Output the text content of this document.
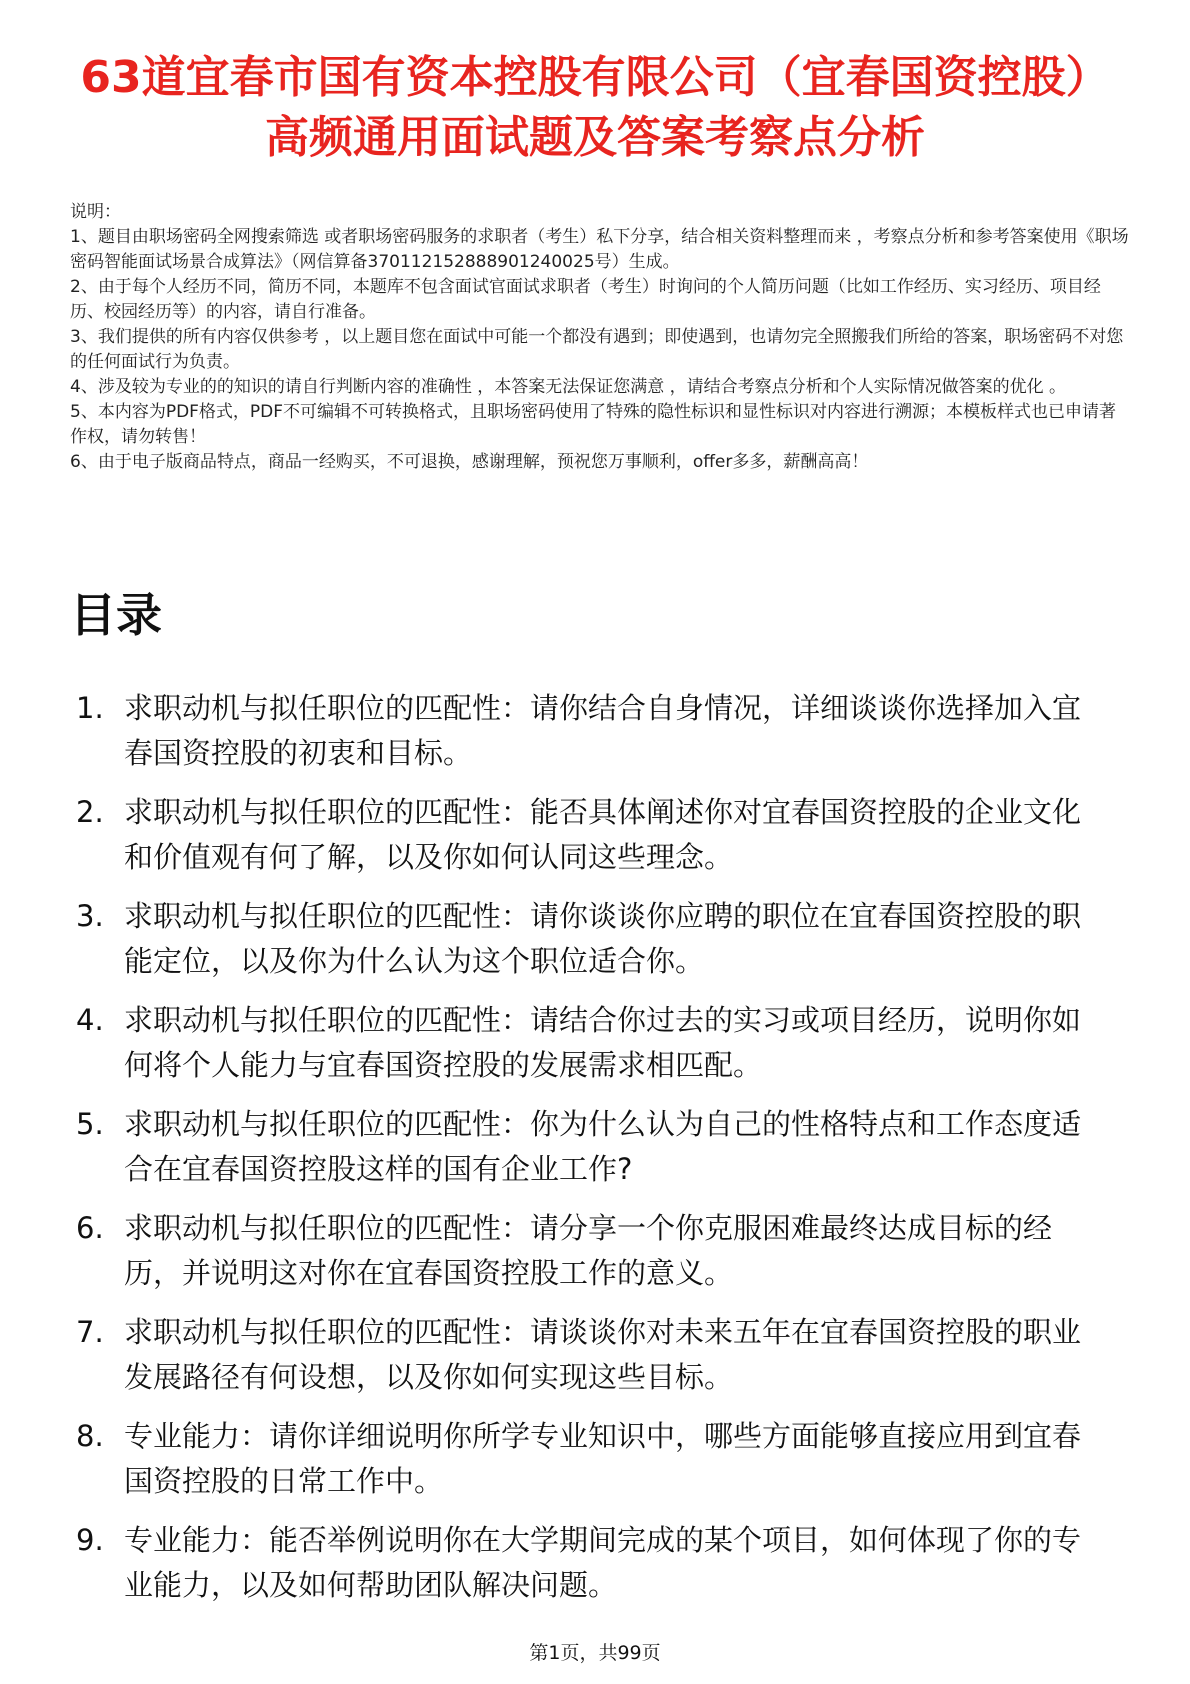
63道宜春市国有资本控股有限公司（宜春国资控股）高频通用面试题及答案考察点分析
说明：
1、题目由职场密码全网搜索筛选 或者职场密码服务的求职者（考生）私下分享，结合相关资料整理而来 ，考察点分析和参考答案使用《职场密码智能面试场景合成算法》（网信算备370112152888901240025号）生成。
2、由于每个人经历不同，简历不同，本题库不包含面试官面试求职者（考生）时询问的个人简历问题（比如工作经历、实习经历、项目经历、校园经历等）的内容，请自行准备。
3、我们提供的所有内容仅供参考 ，以上题目您在面试中可能一个都没有遇到；即使遇到，也请勿完全照搬我们所给的答案，职场密码不对您的任何面试行为负责。
4、涉及较为专业的的知识的请自行判断内容的准确性 ，本答案无法保证您满意 ，请结合考察点分析和个人实际情况做答案的优化 。
5、本内容为PDF格式，PDF不可编辑不可转换格式，且职场密码使用了特殊的隐性标识和显性标识对内容进行溯源；本模板样式也已申请著作权，请勿转售！
6、由于电子版商品特点，商品一经购买，不可退换，感谢理解，预祝您万事顺利，offer多多，薪酬高高！
目录
1. 求职动机与拟任职位的匹配性：请你结合自身情况，详细谈谈你选择加入宜春国资控股的初衷和目标。
2. 求职动机与拟任职位的匹配性：能否具体阐述你对宜春国资控股的企业文化和价值观有何了解，以及你如何认同这些理念。
3. 求职动机与拟任职位的匹配性：请你谈谈你应聘的职位在宜春国资控股的职能定位，以及你为什么认为这个职位适合你。
4. 求职动机与拟任职位的匹配性：请结合你过去的实习或项目经历，说明你如何将个人能力与宜春国资控股的发展需求相匹配。
5. 求职动机与拟任职位的匹配性：你为什么认为自己的性格特点和工作态度适合在宜春国资控股这样的国有企业工作?
6. 求职动机与拟任职位的匹配性：请分享一个你克服困难最终达成目标的经历，并说明这对你在宜春国资控股工作的意义。
7. 求职动机与拟任职位的匹配性：请谈谈你对未来五年在宜春国资控股的职业发展路径有何设想，以及你如何实现这些目标。
8. 专业能力：请你详细说明你所学专业知识中，哪些方面能够直接应用到宜春国资控股的日常工作中。
9. 专业能力：能否举例说明你在大学期间完成的某个项目，如何体现了你的专业能力，以及如何帮助团队解决问题。
第1页，共99页
